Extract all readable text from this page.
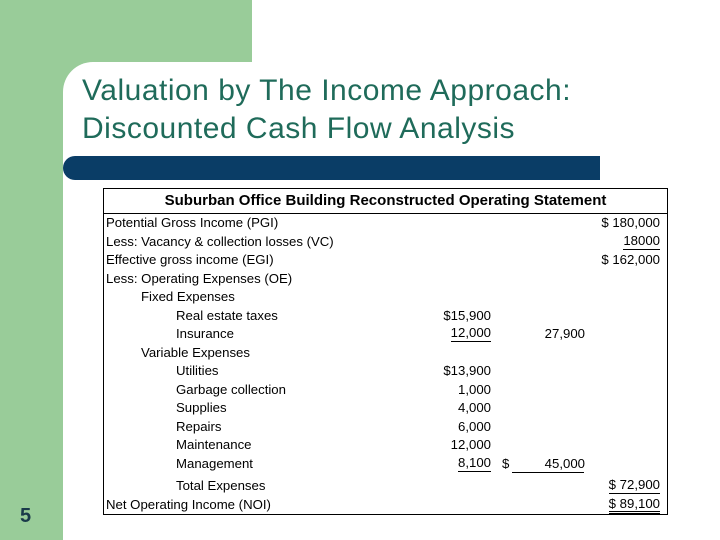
Valuation by The Income Approach:
Discounted Cash Flow Analysis
Suburban Office Building Reconstructed Operating Statement
Potential Gross Income (PGI)	$ 180,000
Less: Vacancy & collection losses (VC)	18000
Effective gross income (EGI)	$ 162,000
Less: Operating Expenses (OE)
Fixed Expenses
Real estate taxes	$15,900
Insurance	12,000	27,900
Variable Expenses
Utilities	$13,900
Garbage collection	1,000
Supplies	4,000
Repairs	6,000
Maintenance	12,000
Management	8,100 $	45,000
Total Expenses	$ 72,900
Net Operating Income (NOI)	$ 89,100
5
